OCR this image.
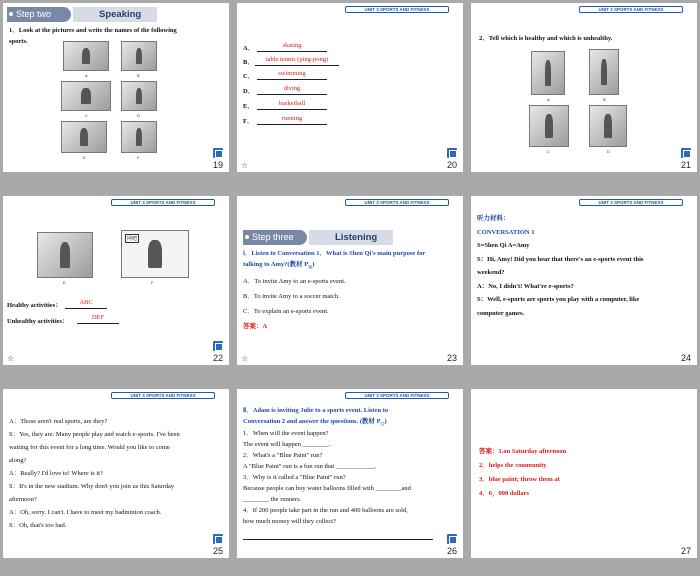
Step two	Speaking
1．Look at the pictures and write the names of the following
sports.
A	B
C	D
E	F
19
UNIT 3 SPORTS AND FITNESS
A．	skating
B．	table tennis (ping-pong)
C．	swimming
D．	diving
E．	basketball
F．	running
☆	20
UNIT 3 SPORTS AND FITNESS
2．Tell which is healthy and which is unhealthy.
A	B
C	D
21
UNIT 3 SPORTS AND FITNESS
E
网吧
F
Healthy activities：	ABC
Unhealthy activities：
DEF
☆	22
UNIT 3 SPORTS AND FITNESS
Step three	Listening
Ⅰ．Listen to Conversation 1．What is Shen Qi's main purpose for
talking to Amy?(教材 $P_{56}$)
A．To invite Amy to an e-sports event.
B．To invite Amy to a soccer match.
C．To explain an e-sports event.
答案：A
☆	23
UNIT 3 SPORTS AND FITNESS
听力材料：
CONVERSATION 1
S=Shen Qi A=Amy
S：Hi, Amy! Did you hear that there's an e-sports event this
weekend?
A：No, I didn't! What're e-sports?
S：Well, e-sports are sports you play with a computer, like
computer games.
24
UNIT 3 SPORTS AND FITNESS
A：Those aren't real sports, are they?
S：Yes, they are. Many people play and watch e-sports. I've been
waiting for this event for a long time. Would you like to come
along?
A：Really? I'd love to! Where is it?
S：It's in the new stadium. Why don't you join us this Saturday
afternoon?
A：Oh, sorry. I can't. I have to meet my badminton coach.
S：Oh, that's too bad.
25
UNIT 3 SPORTS AND FITNESS
Ⅱ．Adam is inviting Julie to a sports event. Listen to
Conversation 2 and answer the questions. (教材 $P_{57}$)
1．When will the event happen?
The event will happen ________.
2．What's a "Blue Paint" run?
A "Blue Paint" run is a fun run that ____________.
3．Why is it called a "Blue Paint" run?
Because people can buy water balloons filled with ________and
________ the runners.
4．If 200 people take part in the run and 400 balloons are sold,
how much money will they collect?
26
答案：1.on Saturday afternoon
2．helps the community
3．blue paint; throw them at
4．6，000 dollars
27
